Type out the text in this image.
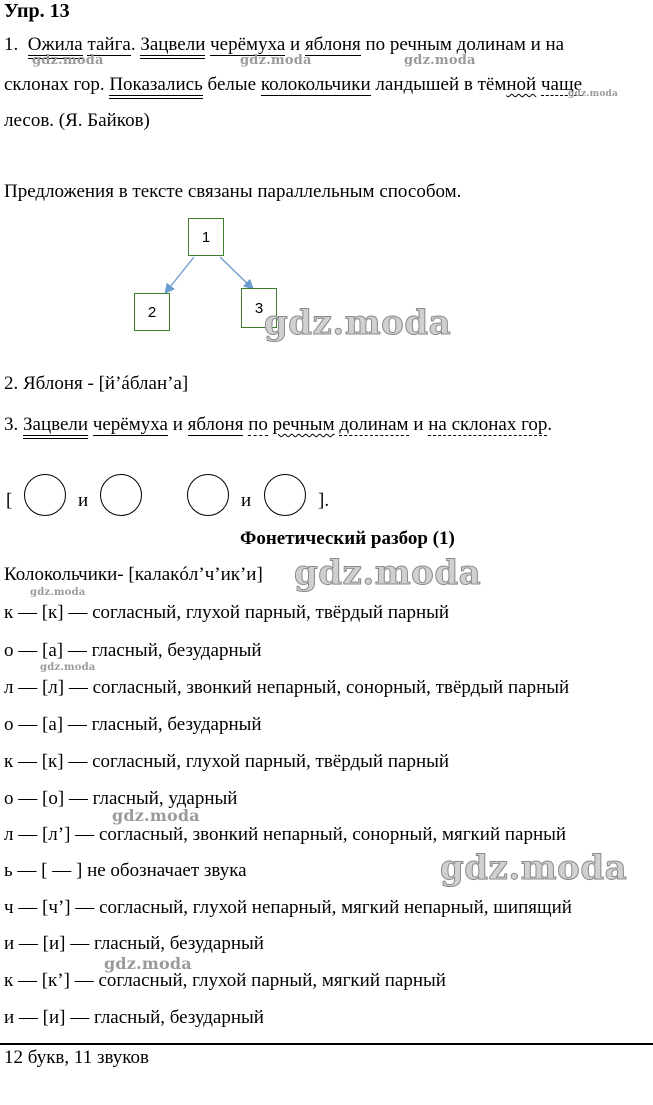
Упр. 13
1. Ожила тайга. Зацвели черёмуха и яблоня по речным долинам и на
склонах гор. Показались белые колокольчики ландышей в тёмной чаще
лесов. (Я. Байков)
Предложения в тексте связаны параллельным способом.
1
2	3
2. Яблоня - [й’áблан’а]
3. Зацвели черёмуха и яблоня по речным долинам и на склонах гор.
[	и	и	].
Фонетический разбор (1)
Колокольчики- [калакóл’ч’ик’и]
к — [к] — согласный, глухой парный, твёрдый парный
о — [а] — гласный, безударный
л — [л] — согласный, звонкий непарный, сонорный, твёрдый парный
о — [а] — гласный, безударный
к — [к] — согласный, глухой парный, твёрдый парный
о — [о] — гласный, ударный
л — [л’] — согласный, звонкий непарный, сонорный, мягкий парный
ь — [ — ] не обозначает звука
ч — [ч’] — согласный, глухой непарный, мягкий непарный, шипящий
и — [и] — гласный, безударный
к — [к’] — согласный, глухой парный, мягкий парный
и — [и] — гласный, безударный
12 букв, 11 звуков
gdz.moda	gdz.moda	gdz.moda
gdz.moda
gdz.moda
gdz.moda
gdz.moda
gdz.moda
gdz.moda
gdz.moda
gdz.moda
